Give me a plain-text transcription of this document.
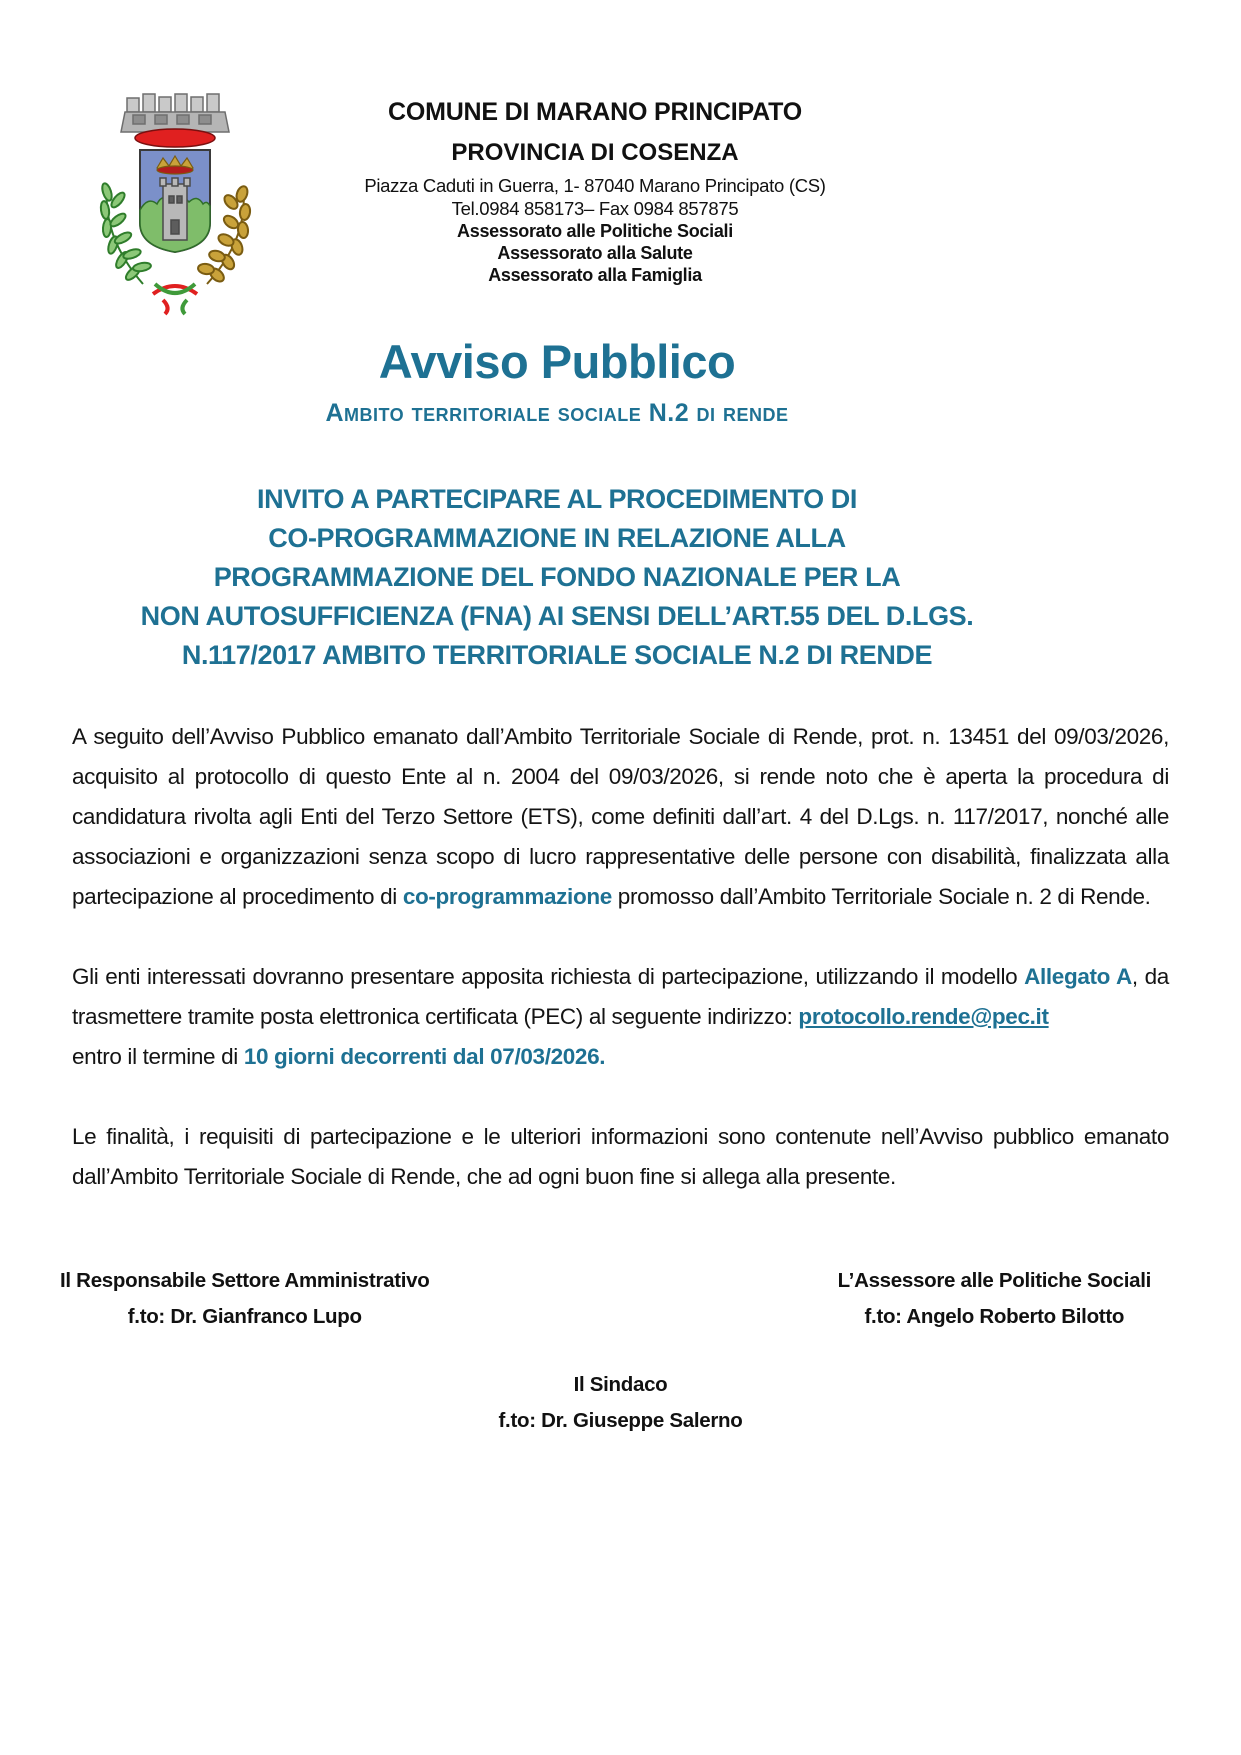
COMUNE DI MARANO PRINCIPATO
PROVINCIA DI COSENZA
Piazza Caduti in Guerra, 1- 87040 Marano Principato (CS)
Tel.0984 858173– Fax 0984 857875
Assessorato alle Politiche Sociali
Assessorato alla Salute
Assessorato alla Famiglia
Avviso Pubblico
Ambito territoriale sociale N.2 di rende
INVITO A PARTECIPARE AL PROCEDIMENTO DI
CO-PROGRAMMAZIONE IN RELAZIONE ALLA
PROGRAMMAZIONE DEL FONDO NAZIONALE PER LA
NON AUTOSUFFICIENZA (FNA) AI SENSI DELL’ART.55 DEL D.LGS.
N.117/2017 AMBITO TERRITORIALE SOCIALE N.2 DI RENDE

A seguito dell’Avviso Pubblico emanato dall’Ambito Territoriale Sociale di Rende, prot. n. 13451 del 09/03/2026, acquisito al protocollo di questo Ente al n. 2004 del 09/03/2026, si rende noto che è aperta la procedura di candidatura rivolta agli Enti del Terzo Settore (ETS), come definiti dall’art. 4 del D.Lgs. n. 117/2017, nonché alle associazioni e organizzazioni senza scopo di lucro rappresentative delle persone con disabilità, finalizzata alla partecipazione al procedimento di co-programmazione promosso dall’Ambito Territoriale Sociale n. 2 di Rende.

Gli enti interessati dovranno presentare apposita richiesta di partecipazione, utilizzando il modello Allegato A, da trasmettere tramite posta elettronica certificata (PEC) al seguente indirizzo: protocollo.rende@pec.it
entro il termine di 10 giorni decorrenti dal 07/03/2026.

Le finalità, i requisiti di partecipazione e le ulteriori informazioni sono contenute nell’Avviso pubblico emanato dall’Ambito Territoriale Sociale di Rende, che ad ogni buon fine si allega alla presente.

Il Responsabile Settore Amministrativo
f.to: Dr. Gianfranco Lupo
L’Assessore alle Politiche Sociali
f.to: Angelo Roberto Bilotto
Il Sindaco
f.to: Dr. Giuseppe Salerno
